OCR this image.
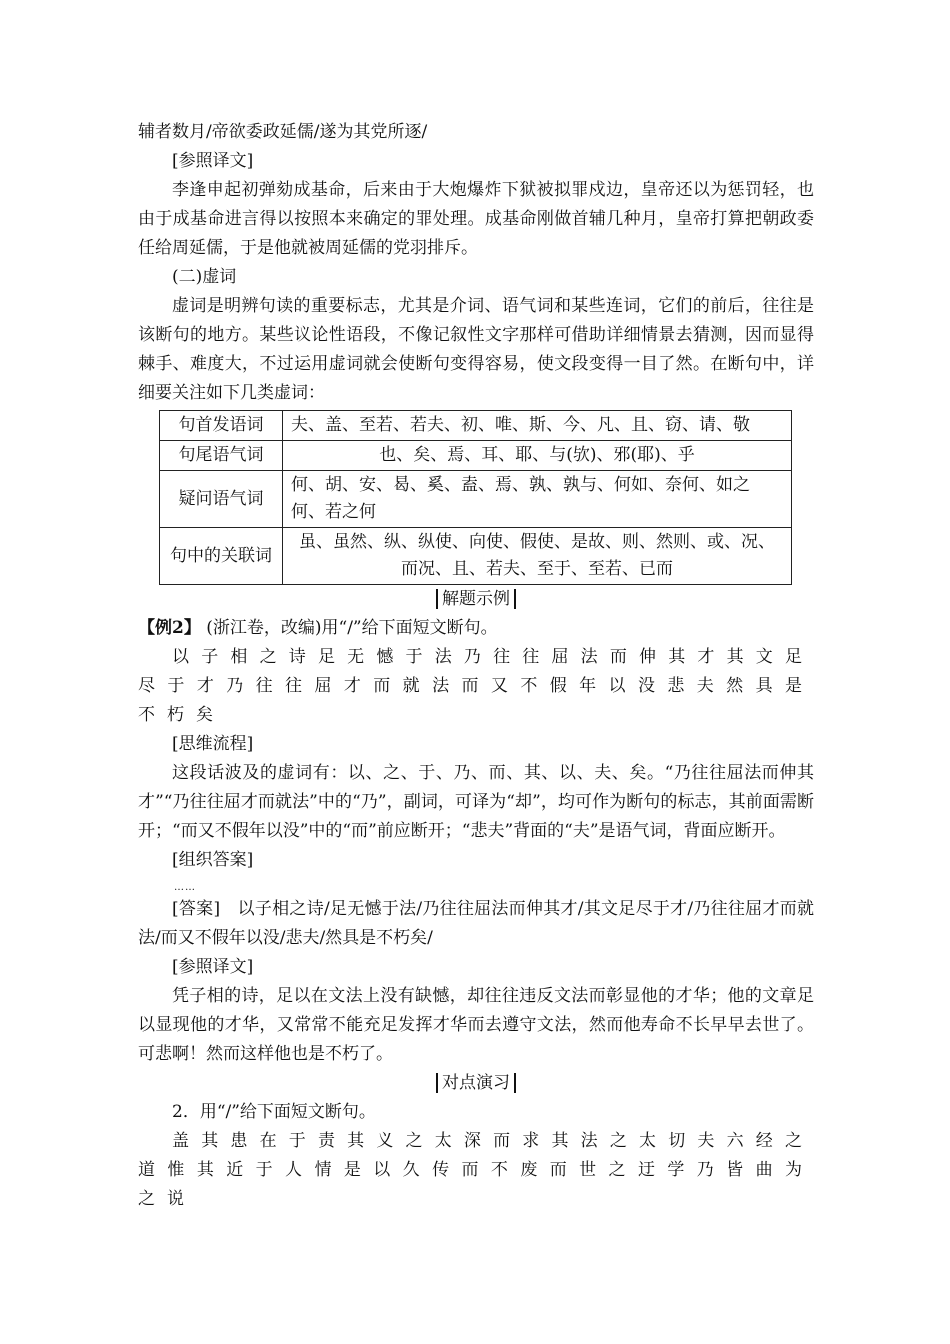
辅者数月/帝欲委政延儒/遂为其党所逐/

[参照译文]

李逢申起初弹劾成基命，后来由于大炮爆炸下狱被拟罪戍边，皇帝还以为惩罚轻，也由于成基命进言得以按照本来确定的罪处理。成基命刚做首辅几种月，皇帝打算把朝政委任给周延儒，于是他就被周延儒的党羽排斥。

(二)虚词

虚词是明辨句读的重要标志，尤其是介词、语气词和某些连词，它们的前后，往往是该断句的地方。某些议论性语段，不像记叙性文字那样可借助详细情景去猜测，因而显得棘手、难度大，不过运用虚词就会使断句变得容易，使文段变得一目了然。在断句中，详细要关注如下几类虚词：

句首发语词	夫、盖、至若、若夫、初、唯、斯、今、凡、且、窃、请、敬
句尾语气词	也、矣、焉、耳、耶、与(欤)、邪(耶)、乎
疑问语气词	何、胡、安、曷、奚、盍、焉、孰、孰与、何如、奈何、如之何、若之何
句中的关联词	虽、虽然、纵、纵使、向使、假使、是故、则、然则、或、况、而况、且、若夫、至于、至若、已而

解题示例

【例2】 (浙江卷，改编)用“/”给下面短文断句。

以子相之诗足无憾于法乃往往屈法而伸其才其文足尽于才乃往往屈才而就法而又不假年以没悲夫然具是不朽矣

[思维流程]

这段话波及的虚词有：以、之、于、乃、而、其、以、夫、矣。“乃往往屈法而伸其才”“乃往往屈才而就法”中的“乃”，副词，可译为“却”，均可作为断句的标志，其前面需断开；“而又不假年以没”中的“而”前应断开；“悲夫”背面的“夫”是语气词，背面应断开。

[组织答案]

……

[答案]　 以子相之诗/足无憾于法/乃往往屈法而伸其才/其文足尽于才/乃往往屈才而就法/而又不假年以没/悲夫/然具是不朽矣/

[参照译文]

凭子相的诗，足以在文法上没有缺憾，却往往违反文法而彰显他的才华；他的文章足以显现他的才华，又常常不能充足发挥才华而去遵守文法，然而他寿命不长早早去世了。可悲啊！然而这样他也是不朽了。

对点演习

2．用“/”给下面短文断句。

盖其患在于责其义之太深而求其法之太切夫六经之道惟其近于人情是以久传而不废而世之迂学乃皆曲为之说
